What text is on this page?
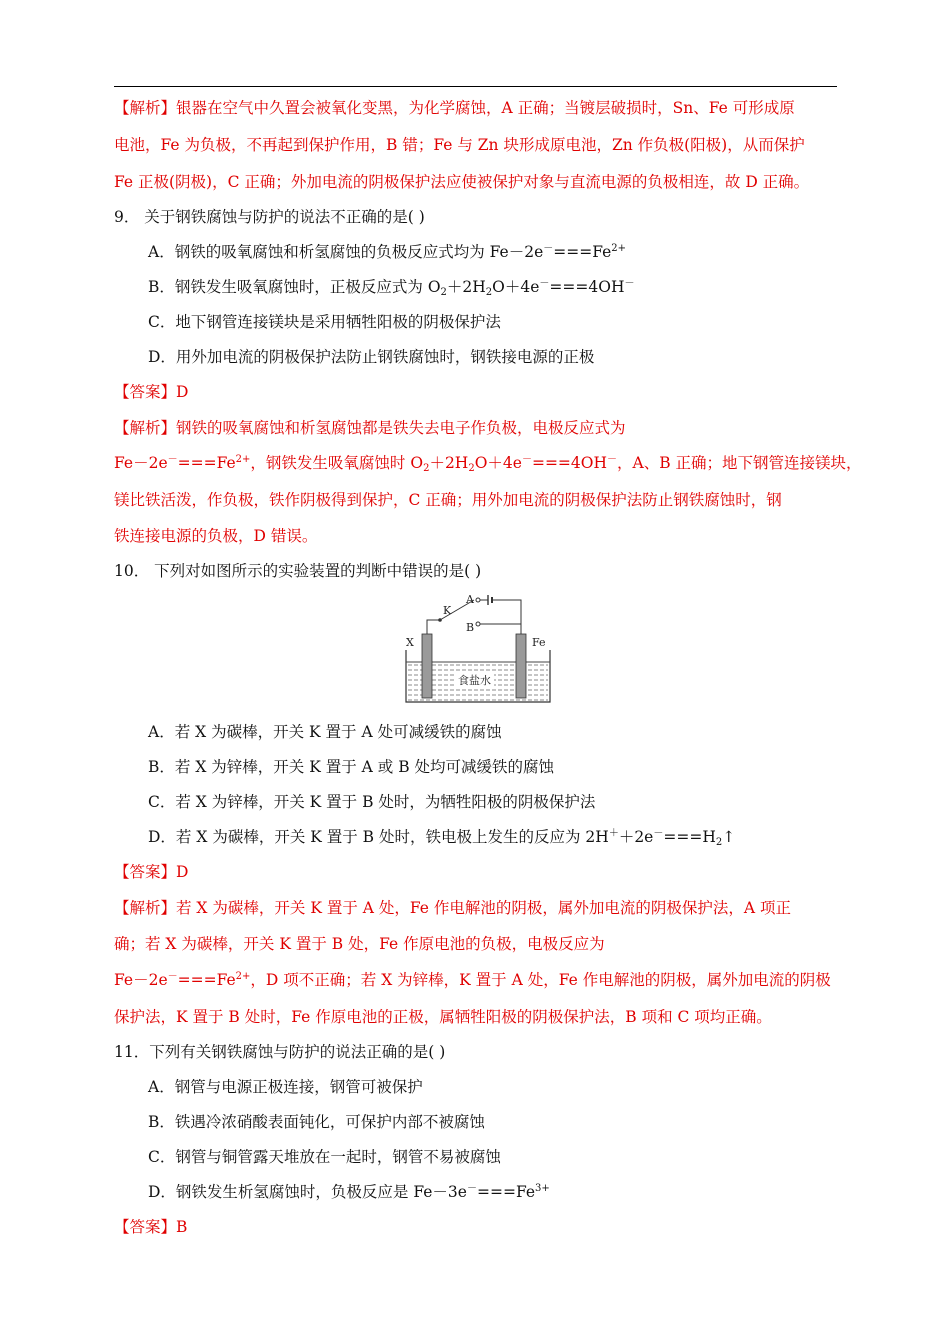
【解析】银器在空气中久置会被氧化变黑，为化学腐蚀，A 正确；当镀层破损时，Sn、Fe 可形成原
电池，Fe 为负极，不再起到保护作用，B 错；Fe 与 Zn 块形成原电池，Zn 作负极(阳极)，从而保护
Fe 正极(阴极)，C 正确；外加电流的阴极保护法应使被保护对象与直流电源的负极相连，故 D 正确。
9． 关于钢铁腐蚀与防护的说法不正确的是( )
A．钢铁的吸氧腐蚀和析氢腐蚀的负极反应式均为 $Fe-2e^-===Fe^{2+}$
B．钢铁发生吸氧腐蚀时，正极反应式为 $O_2+2H_2O+4e^-===4OH^-$
C．地下钢管连接镁块是采用牺牲阳极的阴极保护法
D．用外加电流的阴极保护法防止钢铁腐蚀时，钢铁接电源的正极
【答案】D
【解析】钢铁的吸氧腐蚀和析氢腐蚀都是铁失去电子作负极，电极反应式为
$Fe-2e^-===Fe^{2+}$，钢铁发生吸氧腐蚀时 $O_2+2H_2O+4e^-===4OH^-$，A、B 正确；地下钢管连接镁块，
镁比铁活泼，作负极，铁作阴极得到保护，C 正确；用外加电流的阴极保护法防止钢铁腐蚀时，钢
铁连接电源的负极，D 错误。
10． 下列对如图所示的实验装置的判断中错误的是( )
A
K
B
X	Fe
食盐水
A．若 X 为碳棒，开关 K 置于 A 处可减缓铁的腐蚀
B．若 X 为锌棒，开关 K 置于 A 或 B 处均可减缓铁的腐蚀
C．若 X 为锌棒，开关 K 置于 B 处时，为牺牲阳极的阴极保护法
D．若 X 为碳棒，开关 K 置于 B 处时，铁电极上发生的反应为 $2H^++2e^-===H_2↑$
【答案】D
【解析】若 X 为碳棒，开关 K 置于 A 处，Fe 作电解池的阴极，属外加电流的阴极保护法，A 项正
确；若 X 为碳棒，开关 K 置于 B 处，Fe 作原电池的负极，电极反应为
$Fe-2e^-===Fe^{2+}$，D 项不正确；若 X 为锌棒，K 置于 A 处，Fe 作电解池的阴极，属外加电流的阴极
保护法，K 置于 B 处时，Fe 作原电池的正极，属牺牲阳极的阴极保护法，B 项和 C 项均正确。
11．下列有关钢铁腐蚀与防护的说法正确的是( )
A．钢管与电源正极连接，钢管可被保护
B．铁遇冷浓硝酸表面钝化，可保护内部不被腐蚀
C．钢管与铜管露天堆放在一起时，钢管不易被腐蚀
D．钢铁发生析氢腐蚀时，负极反应是 $Fe-3e^-===Fe^{3+}$
【答案】B
